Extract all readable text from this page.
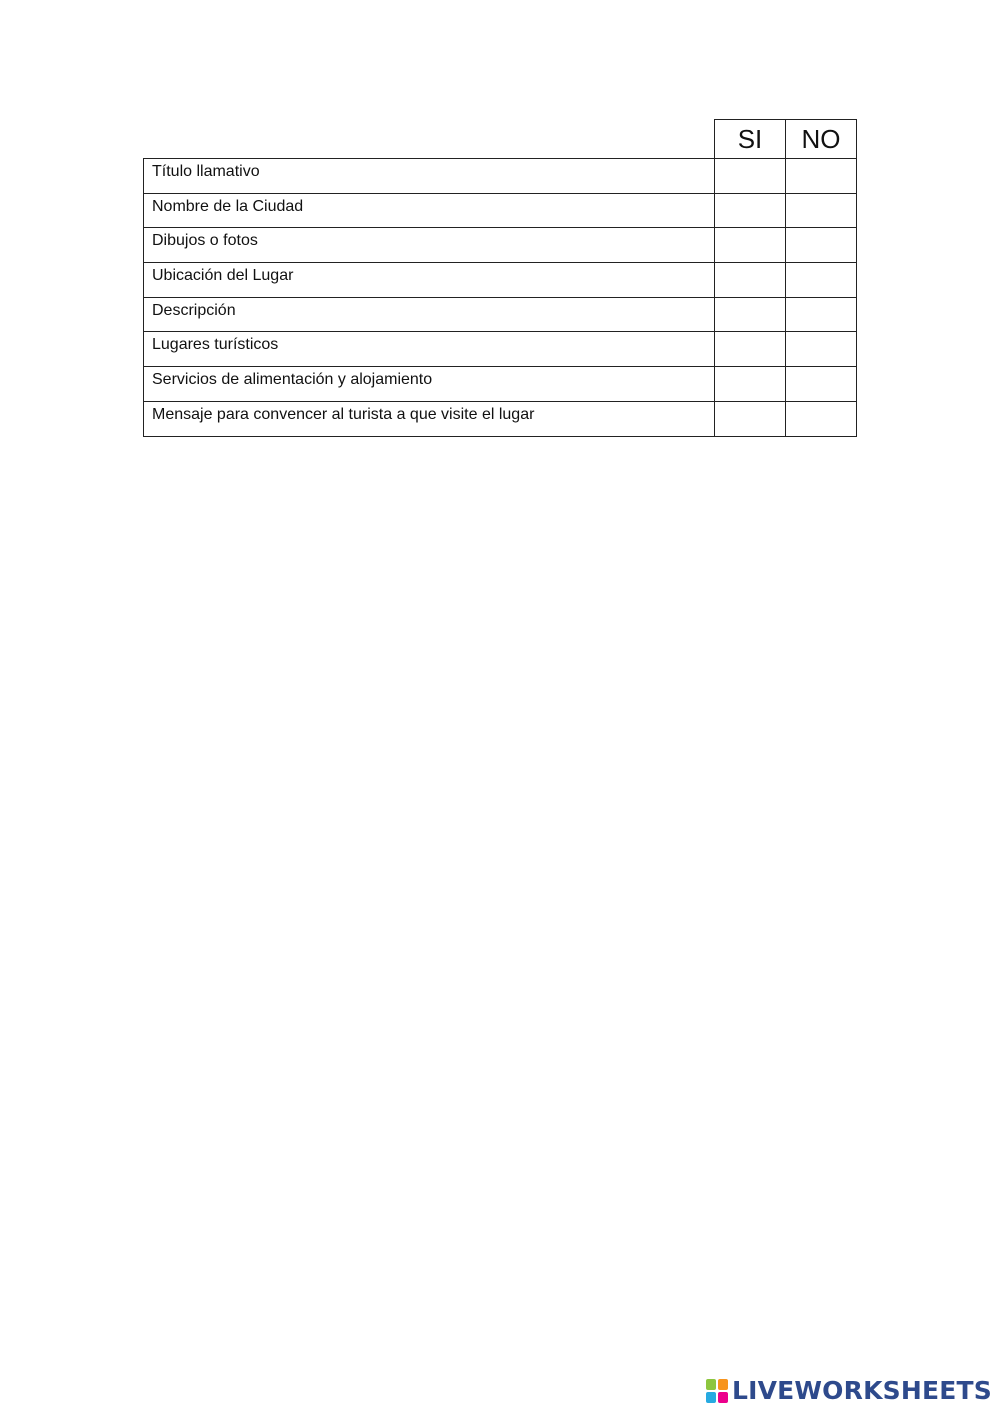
	SI	NO
Título llamativo		
Nombre de la Ciudad		
Dibujos o fotos		
Ubicación del Lugar		
Descripción		
Lugares turísticos		
Servicios de alimentación y alojamiento		
Mensaje para convencer al turista a que visite el lugar		
LIVEWORKSHEETS
